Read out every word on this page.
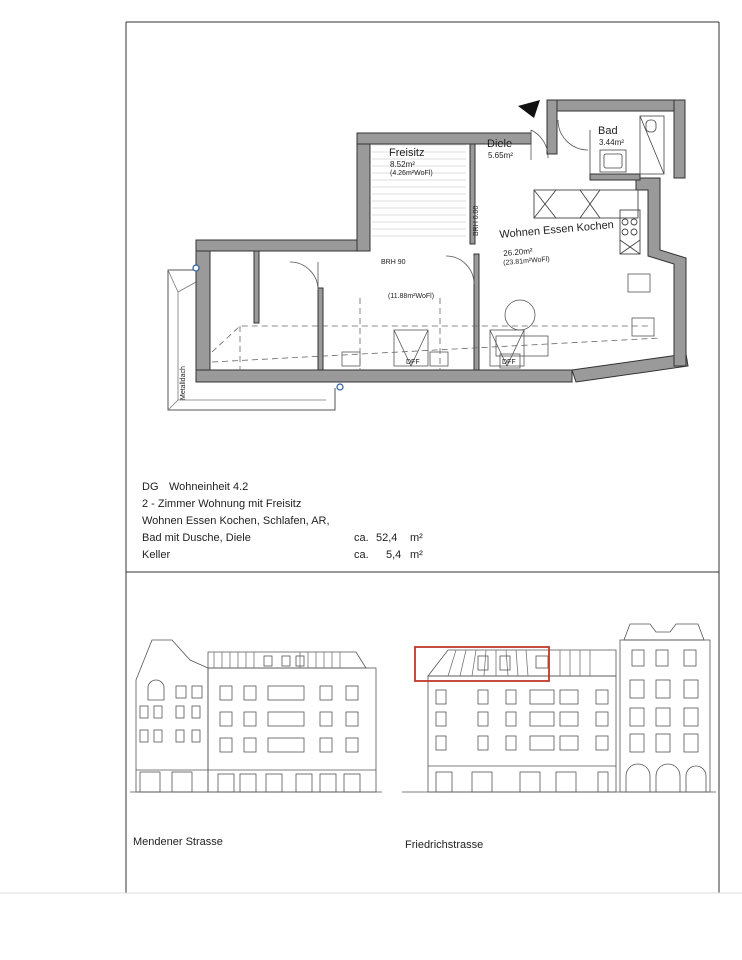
Freisitz
8.52m²
(4.26m²WoFl)
Diele
5.65m²
Bad
3.44m²
Wohnen Essen Kochen
26.20m²
(23.81m²WoFl)
(11.88m²WoFl)
BRH 90
BRH 0.00
DFF	DFF
Metalldach
DG Wohneinheit 4.2
2 - Zimmer Wohnung mit Freisitz
Wohnen Essen Kochen, Schlafen, AR,
Bad mit Dusche, Diele	ca. 52,4 m²
Keller	ca. 5,4 m²
Mendener Strasse	Friedrichstrasse
